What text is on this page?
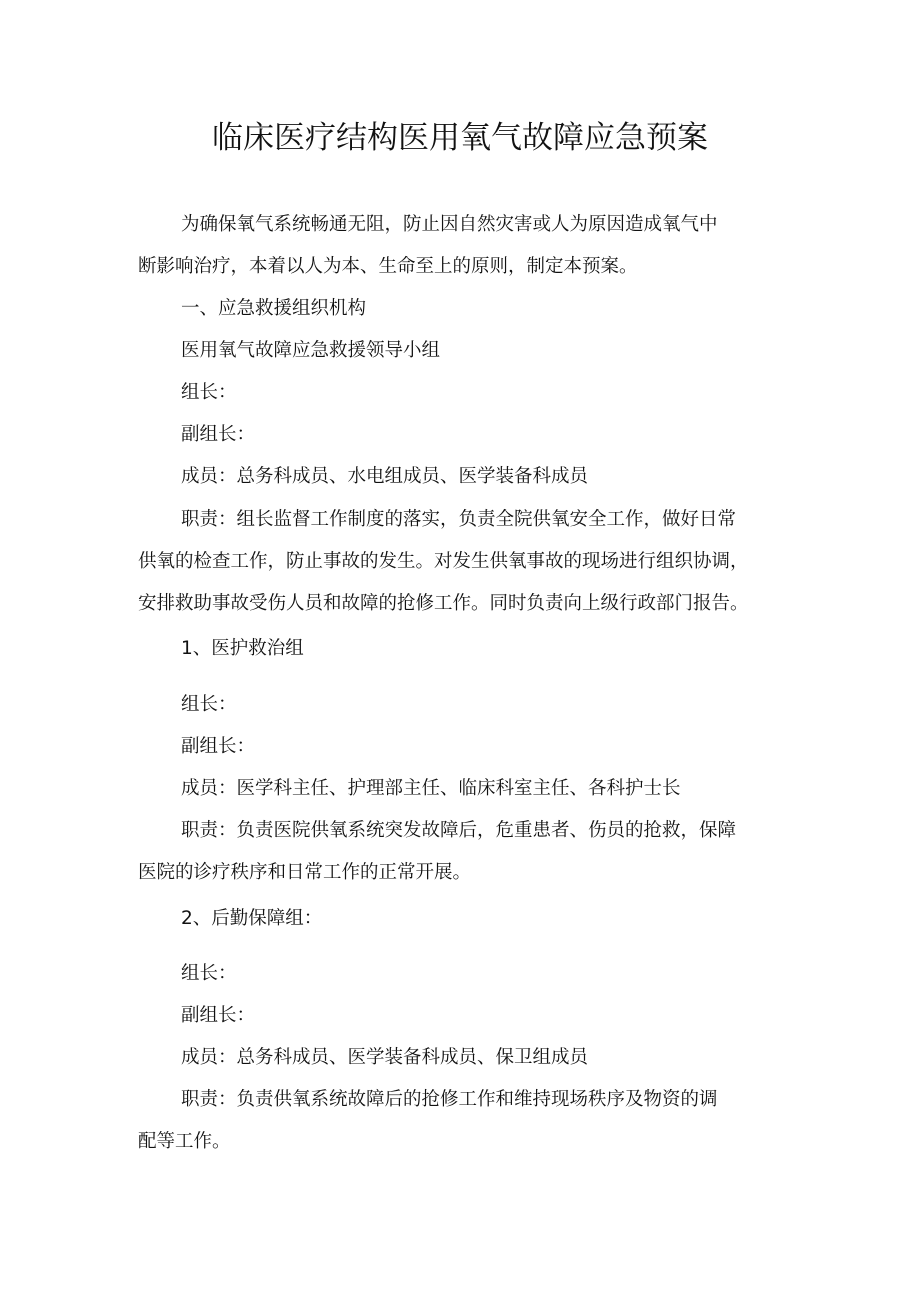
临床医疗结构医用氧气故障应急预案
为确保氧气系统畅通无阻，防止因自然灾害或人为原因造成氧气中
断影响治疗，本着以人为本、生命至上的原则，制定本预案。
一、应急救援组织机构
医用氧气故障应急救援领导小组
组长：
副组长：
成员：总务科成员、水电组成员、医学装备科成员
职责：组长监督工作制度的落实，负责全院供氧安全工作，做好日常
供氧的检查工作，防止事故的发生。对发生供氧事故的现场进行组织协调，
安排救助事故受伤人员和故障的抢修工作。同时负责向上级行政部门报告。
1、医护救治组
组长：
副组长：
成员：医学科主任、护理部主任、临床科室主任、各科护士长
职责：负责医院供氧系统突发故障后，危重患者、伤员的抢救，保障
医院的诊疗秩序和日常工作的正常开展。
2、后勤保障组：
组长：
副组长：
成员：总务科成员、医学装备科成员、保卫组成员
职责：负责供氧系统故障后的抢修工作和维持现场秩序及物资的调
配等工作。
